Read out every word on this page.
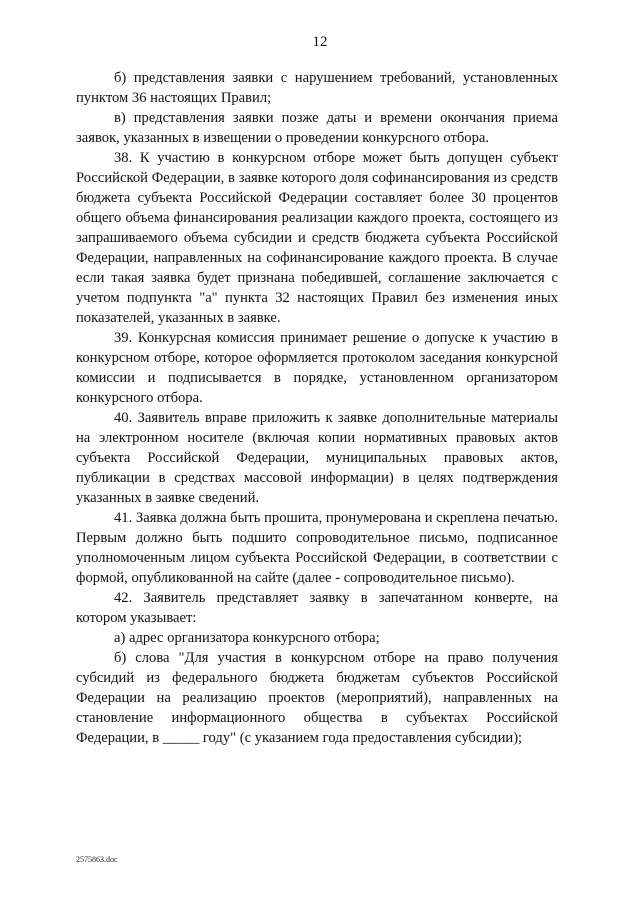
12

б) представления заявки с нарушением требований, установленных пунктом 36 настоящих Правил;

в) представления заявки позже даты и времени окончания приема заявок, указанных в извещении о проведении конкурсного отбора.

38. К участию в конкурсном отборе может быть допущен субъект Российской Федерации, в заявке которого доля софинансирования из средств бюджета субъекта Российской Федерации составляет более 30 процентов общего объема финансирования реализации каждого проекта, состоящего из запрашиваемого объема субсидии и средств бюджета субъекта Российской Федерации, направленных на софинансирование каждого проекта. В случае если такая заявка будет признана победившей, соглашение заключается с учетом подпункта "а" пункта 32 настоящих Правил без изменения иных показателей, указанных в заявке.

39. Конкурсная комиссия принимает решение о допуске к участию в конкурсном отборе, которое оформляется протоколом заседания конкурсной комиссии и подписывается в порядке, установленном организатором конкурсного отбора.

40. Заявитель вправе приложить к заявке дополнительные материалы на электронном носителе (включая копии нормативных правовых актов субъекта Российской Федерации, муниципальных правовых актов, публикации в средствах массовой информации) в целях подтверждения указанных в заявке сведений.

41. Заявка должна быть прошита, пронумерована и скреплена печатью. Первым должно быть подшито сопроводительное письмо, подписанное уполномоченным лицом субъекта Российской Федерации, в соответствии с формой, опубликованной на сайте (далее - сопроводительное письмо).

42. Заявитель представляет заявку в запечатанном конверте, на котором указывает:

а) адрес организатора конкурсного отбора;

б) слова "Для участия в конкурсном отборе на право получения субсидий из федерального бюджета бюджетам субъектов Российской Федерации на реализацию проектов (мероприятий), направленных на становление информационного общества в субъектах Российской Федерации, в _____ году" (с указанием года предоставления субсидии);

2575863.doc
